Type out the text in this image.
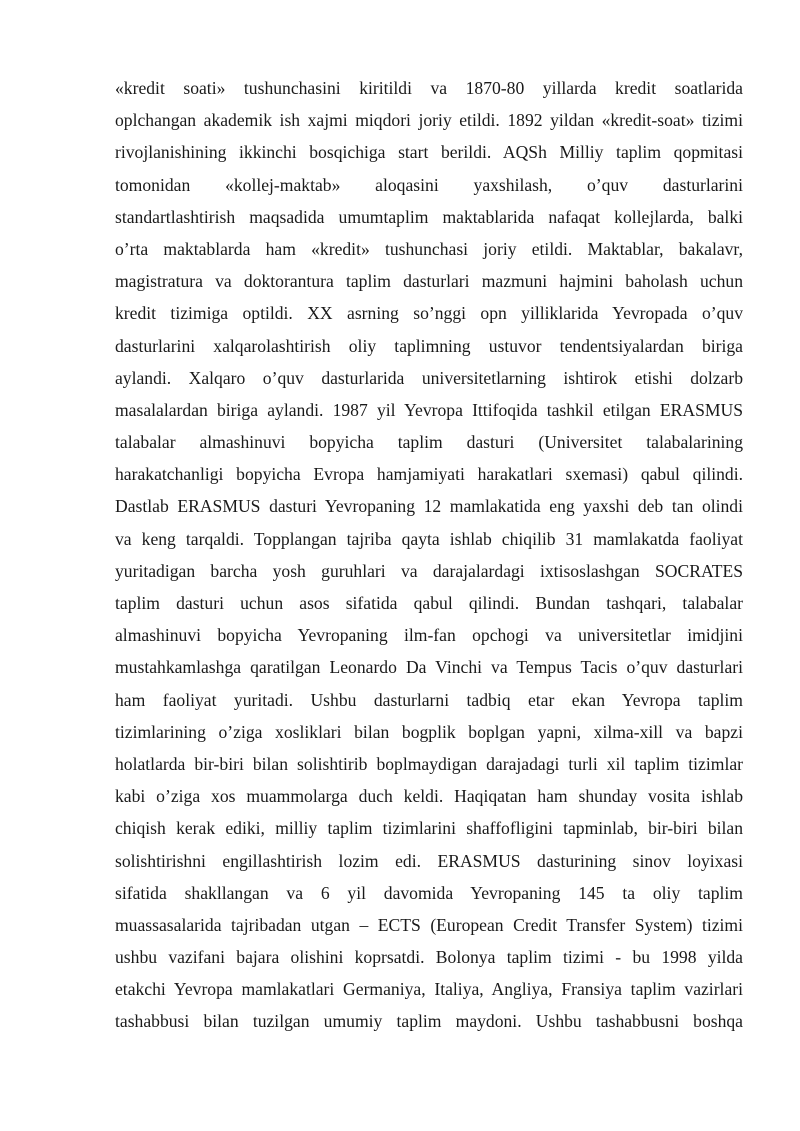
«kredit soati» tushunchasini kiritildi va 1870-80 yillarda kredit soatlarida
oplchangan akademik ish xajmi miqdori joriy etildi. 1892 yildan «kredit-soat» tizimi
rivojlanishining ikkinchi bosqichiga start berildi. AQSh Milliy taplim qopmitasi
tomonidan «kollej-maktab» aloqasini yaxshilash, o’quv dasturlarini
standartlashtirish maqsadida umumtaplim maktablarida nafaqat kollejlarda, balki
o’rta maktablarda ham «kredit» tushunchasi joriy etildi. Maktablar, bakalavr,
magistratura va doktorantura taplim dasturlari mazmuni hajmini baholash uchun
kredit tizimiga optildi. XX asrning so’nggi opn yilliklarida Yevropada o’quv
dasturlarini xalqarolashtirish oliy taplimning ustuvor tendentsiyalardan biriga
aylandi. Xalqaro o’quv dasturlarida universitetlarning ishtirok etishi dolzarb
masalalardan biriga aylandi. 1987 yil Yevropa Ittifoqida tashkil etilgan ERASMUS
talabalar almashinuvi bopyicha taplim dasturi (Universitet talabalarining
harakatchanligi bopyicha Evropa hamjamiyati harakatlari sxemasi) qabul qilindi.
Dastlab ERASMUS dasturi Yevropaning 12 mamlakatida eng yaxshi deb tan olindi
va keng tarqaldi. Topplangan tajriba qayta ishlab chiqilib 31 mamlakatda faoliyat
yuritadigan barcha yosh guruhlari va darajalardagi ixtisoslashgan SOCRATES
taplim dasturi uchun asos sifatida qabul qilindi. Bundan tashqari, talabalar
almashinuvi bopyicha Yevropaning ilm-fan opchogi va universitetlar imidjini
mustahkamlashga qaratilgan Leonardo Da Vinchi va Tempus Tacis o’quv dasturlari
ham faoliyat yuritadi. Ushbu dasturlarni tadbiq etar ekan Yevropa taplim
tizimlarining o’ziga xosliklari bilan bogplik boplgan yapni, xilma-xill va bapzi
holatlarda bir-biri bilan solishtirib boplmaydigan darajadagi turli xil taplim tizimlar
kabi o’ziga xos muammolarga duch keldi. Haqiqatan ham shunday vosita ishlab
chiqish kerak ediki, milliy taplim tizimlarini shaffofligini tapminlab, bir-biri bilan
solishtirishni engillashtirish lozim edi. ERASMUS dasturining sinov loyixasi
sifatida shakllangan va 6 yil davomida Yevropaning 145 ta oliy taplim
muassasalarida tajribadan utgan – ECTS (European Credit Transfer System) tizimi
ushbu vazifani bajara olishini koprsatdi. Bolonya taplim tizimi - bu 1998 yilda
etakchi Yevropa mamlakatlari Germaniya, Italiya, Angliya, Fransiya taplim vazirlari
tashabbusi bilan tuzilgan umumiy taplim maydoni. Ushbu tashabbusni boshqa
